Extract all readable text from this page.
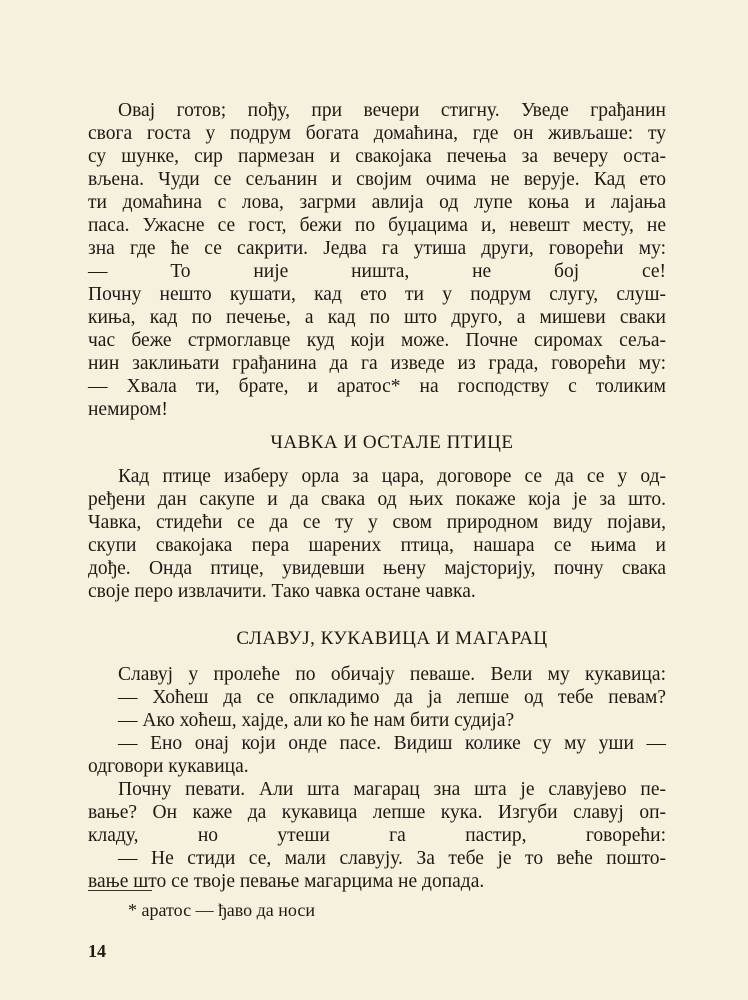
Овај готов; пођу, при вечери стигну. Уведе грађанин
свога госта у подрум богата домаћина, где он живљаше: ту
су шунке, сир пармезан и свакојака печења за вечеру оста-
вљена. Чуди се сељанин и својим очима не верује. Кад ето
ти домаћина с лова, загрми авлија од лупе коња и лајања
паса. Ужасне се гост, бежи по буџацима и, невешт месту, не
зна где ће се сакрити. Једва га утиша други, говорећи му:
— То није ништа, не бој се!
Почну нешто кушати, кад ето ти у подрум слугу, слуш-
киња, кад по печење, а кад по што друго, а мишеви сваки
час беже стрмоглавце куд који може. Почне сиромах сеља-
нин заклињати грађанина да га изведе из града, говорећи му:
— Хвала ти, брате, и аратос* на господству с толиким
немиром!
ЧАВКА И ОСТАЛЕ ПТИЦЕ
Кад птице изаберу орла за цара, договоре се да се у од-
ређени дан сакупе и да свака од њих покаже која је за што.
Чавка, стидећи се да се ту у свом природном виду појави,
скупи свакојака пера шарених птица, нашара се њима и
дође. Онда птице, увидевши њену мајсторију, почну свака
своје перо извлачити. Тако чавка остане чавка.
СЛАВУЈ, КУКАВИЦА И МАГАРАЦ
Славуј у пролеће по обичају певаше. Вели му кукавица:
— Хоћеш да се опкладимо да ја лепше од тебе певам?
— Ако хоћеш, хајде, али ко ће нам бити судија?
— Ено онај који онде пасе. Видиш колике су му уши —
одговори кукавица.
Почну певати. Али шта магарац зна шта је славујево пе-
вање? Он каже да кукавица лепше кука. Изгуби славуј оп-
кладу, но утеши га пастир, говорећи:
— Не стиди се, мали славују. За тебе је то веће пошто-
вање што се твоје певање магарцима не допада.
* аратос — ђаво да носи
14
